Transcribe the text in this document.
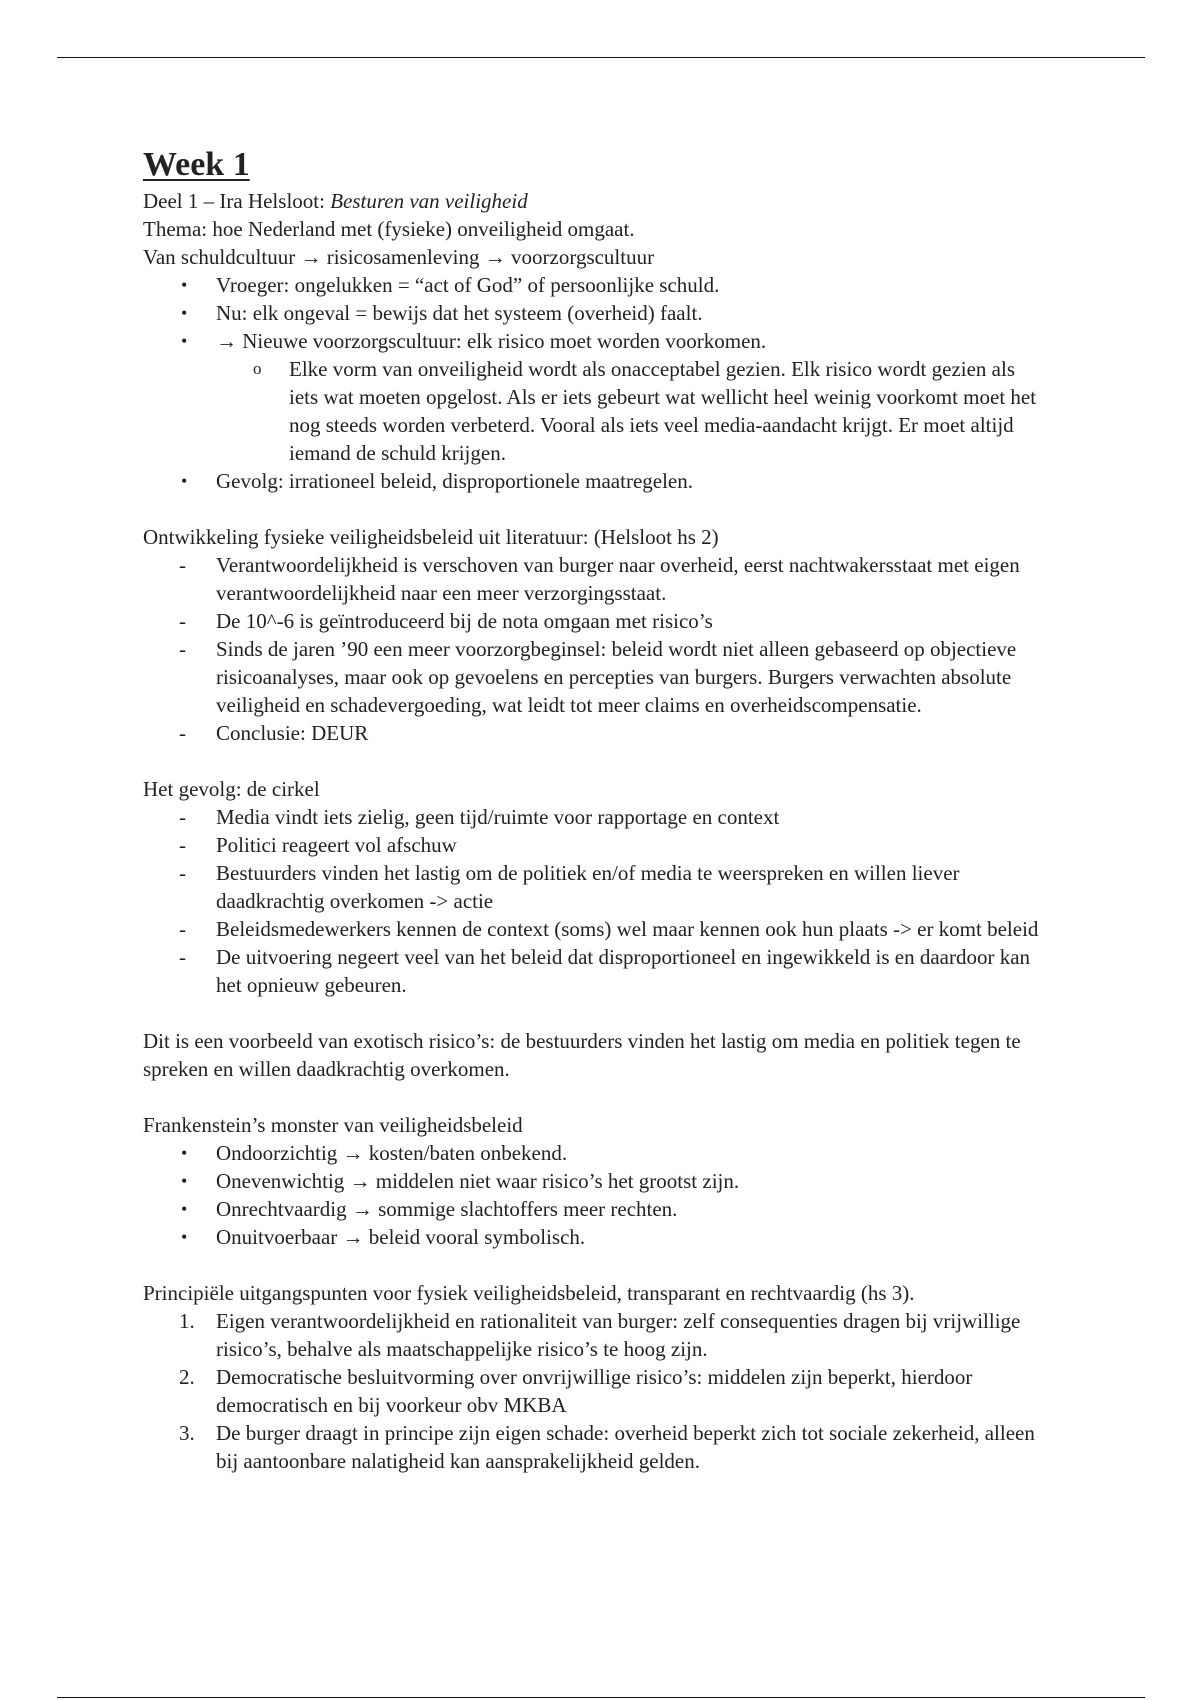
Week 1

Deel 1 – Ira Helsloot: Besturen van veiligheid

Thema: hoe Nederland met (fysieke) onveiligheid omgaat.

Van schuldcultuur → risicosamenleving → voorzorgscultuur

• Vroeger: ongelukken = “act of God” of persoonlijke schuld.
• Nu: elk ongeval = bewijs dat het systeem (overheid) faalt.
• → Nieuwe voorzorgscultuur: elk risico moet worden voorkomen.
o Elke vorm van onveiligheid wordt als onacceptabel gezien. Elk risico wordt gezien als iets wat moeten opgelost. Als er iets gebeurt wat wellicht heel weinig voorkomt moet het nog steeds worden verbeterd. Vooral als iets veel media-aandacht krijgt. Er moet altijd iemand de schuld krijgen.
• Gevolg: irrationeel beleid, disproportionele maatregelen.

Ontwikkeling fysieke veiligheidsbeleid uit literatuur: (Helsloot hs 2)

- Verantwoordelijkheid is verschoven van burger naar overheid, eerst nachtwakersstaat met eigen verantwoordelijkheid naar een meer verzorgingsstaat.
- De 10^-6 is geïntroduceerd bij de nota omgaan met risico’s
- Sinds de jaren ’90 een meer voorzorgbeginsel: beleid wordt niet alleen gebaseerd op objectieve risicoanalyses, maar ook op gevoelens en percepties van burgers. Burgers verwachten absolute veiligheid en schadevergoeding, wat leidt tot meer claims en overheidscompensatie.
- Conclusie: DEUR

Het gevolg: de cirkel

- Media vindt iets zielig, geen tijd/ruimte voor rapportage en context
- Politici reageert vol afschuw
- Bestuurders vinden het lastig om de politiek en/of media te weerspreken en willen liever daadkrachtig overkomen -> actie
- Beleidsmedewerkers kennen de context (soms) wel maar kennen ook hun plaats -> er komt beleid
- De uitvoering negeert veel van het beleid dat disproportioneel en ingewikkeld is en daardoor kan het opnieuw gebeuren.

Dit is een voorbeeld van exotisch risico’s: de bestuurders vinden het lastig om media en politiek tegen te spreken en willen daadkrachtig overkomen.

Frankenstein’s monster van veiligheidsbeleid

• Ondoorzichtig → kosten/baten onbekend.
• Onevenwichtig → middelen niet waar risico’s het grootst zijn.
• Onrechtvaardig → sommige slachtoffers meer rechten.
• Onuitvoerbaar → beleid vooral symbolisch.

Principiële uitgangspunten voor fysiek veiligheidsbeleid, transparant en rechtvaardig (hs 3).

1. Eigen verantwoordelijkheid en rationaliteit van burger: zelf consequenties dragen bij vrijwillige risico’s, behalve als maatschappelijke risico’s te hoog zijn.
2. Democratische besluitvorming over onvrijwillige risico’s: middelen zijn beperkt, hierdoor democratisch en bij voorkeur obv MKBA
3. De burger draagt in principe zijn eigen schade: overheid beperkt zich tot sociale zekerheid, alleen bij aantoonbare nalatigheid kan aansprakelijkheid gelden.
